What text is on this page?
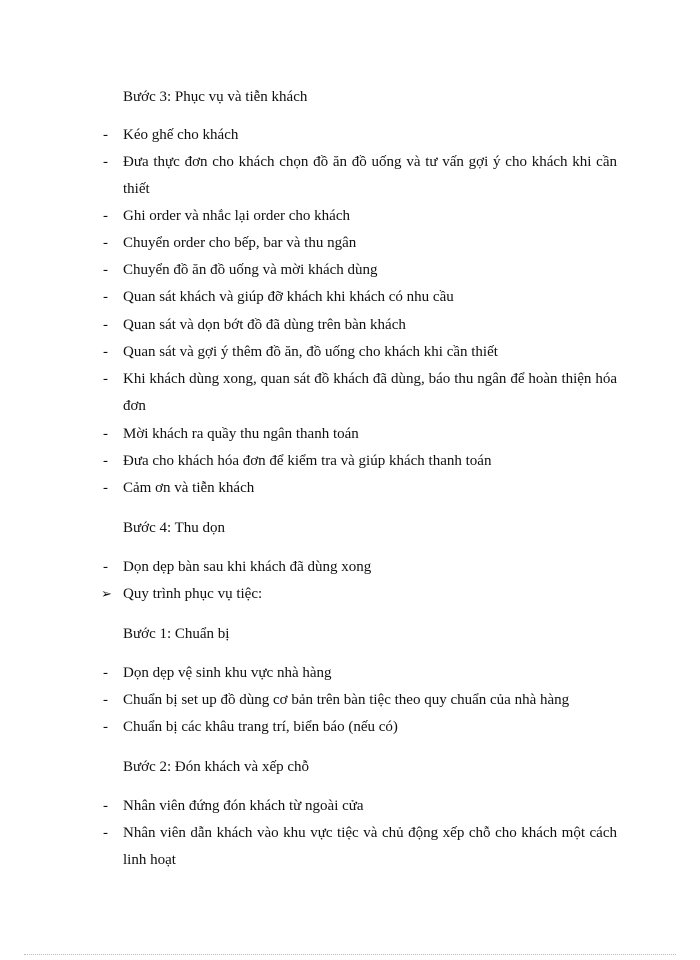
Bước 3: Phục vụ và tiễn khách
- Kéo ghế cho khách
- Đưa thực đơn cho khách chọn đồ ăn đồ uống và tư vấn gợi ý cho khách khi cần
thiết
- Ghi order và nhắc lại order cho khách
- Chuyển order cho bếp, bar và thu ngân
- Chuyển đồ ăn đồ uống và mời khách dùng
- Quan sát khách và giúp đỡ khách khi khách có nhu cầu
- Quan sát và dọn bớt đồ đã dùng trên bàn khách
- Quan sát và gợi ý thêm đồ ăn, đồ uống cho khách khi cần thiết
- Khi khách dùng xong, quan sát đồ khách đã dùng, báo thu ngân để hoàn thiện hóa
đơn
- Mời khách ra quầy thu ngân thanh toán
- Đưa cho khách hóa đơn để kiểm tra và giúp khách thanh toán
- Cảm ơn và tiễn khách
Bước 4: Thu dọn
- Dọn dẹp bàn sau khi khách đã dùng xong
➢ Quy trình phục vụ tiệc:
Bước 1: Chuẩn bị
- Dọn dẹp vệ sinh khu vực nhà hàng
- Chuẩn bị set up đồ dùng cơ bản trên bàn tiệc theo quy chuẩn của nhà hàng
- Chuẩn bị các khâu trang trí, biển báo (nếu có)
Bước 2: Đón khách và xếp chỗ
- Nhân viên đứng đón khách từ ngoài cửa
- Nhân viên dẫn khách vào khu vực tiệc và chủ động xếp chỗ cho khách một cách
linh hoạt
